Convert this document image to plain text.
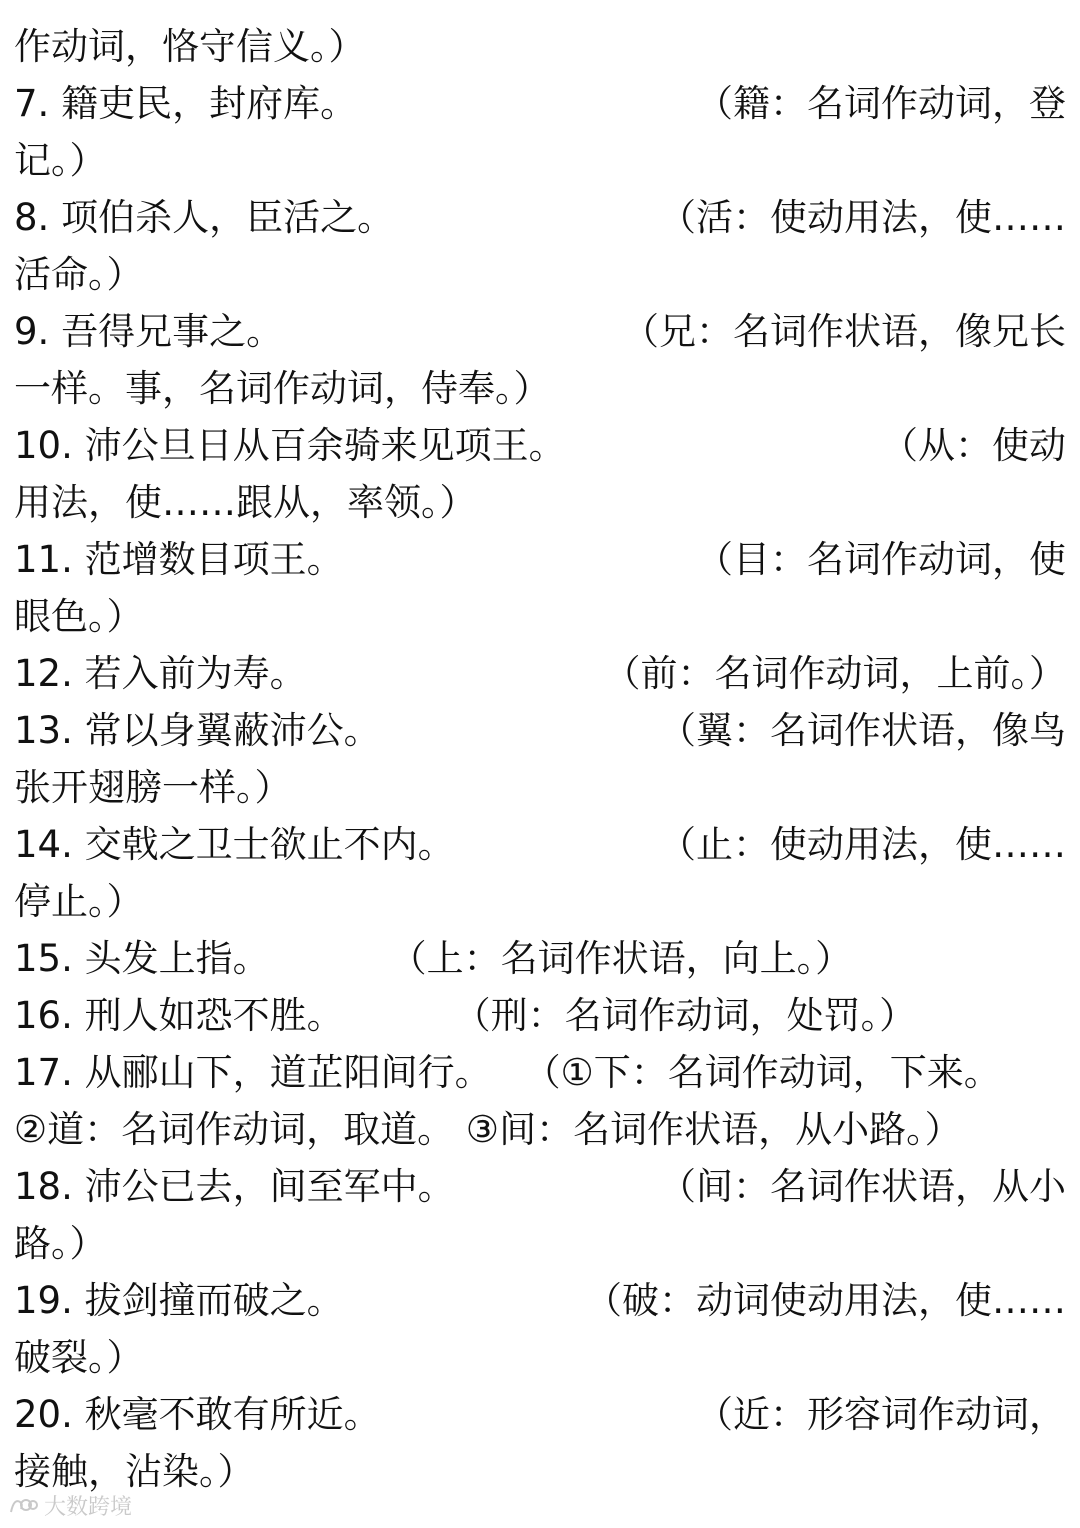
作动词，恪守信义。）
7. 籍吏民，封府库。	（籍：名词作动词，登
记。）
8. 项伯杀人，臣活之。	（活：使动用法，使……
活命。）
9. 吾得兄事之。	（兄：名词作状语，像兄长
一样。事，名词作动词，侍奉。）
10. 沛公旦日从百余骑来见项王。	（从：使动
用法，使……跟从，率领。）
11. 范增数目项王。	（目：名词作动词，使
眼色。）
12. 若入前为寿。	（前：名词作动词，上前。）
13. 常以身翼蔽沛公。	（翼：名词作状语，像鸟
张开翅膀一样。）
14. 交戟之卫士欲止不内。	（止：使动用法，使……
停止。）
15. 头发上指。	（上：名词作状语，向上。）
16. 刑人如恐不胜。	（刑：名词作动词，处罚。）
17. 从郦山下，道芷阳间行。 （①下：名词作动词，下来。
②道：名词作动词，取道。 ③间：名词作状语，从小路。）
18. 沛公已去，间至军中。	（间：名词作状语，从小
路。）
19. 拔剑撞而破之。	（破：动词使动用法，使……
破裂。）
20. 秋毫不敢有所近。	（近：形容词作动词，
接触，沾染。）
大数跨境
